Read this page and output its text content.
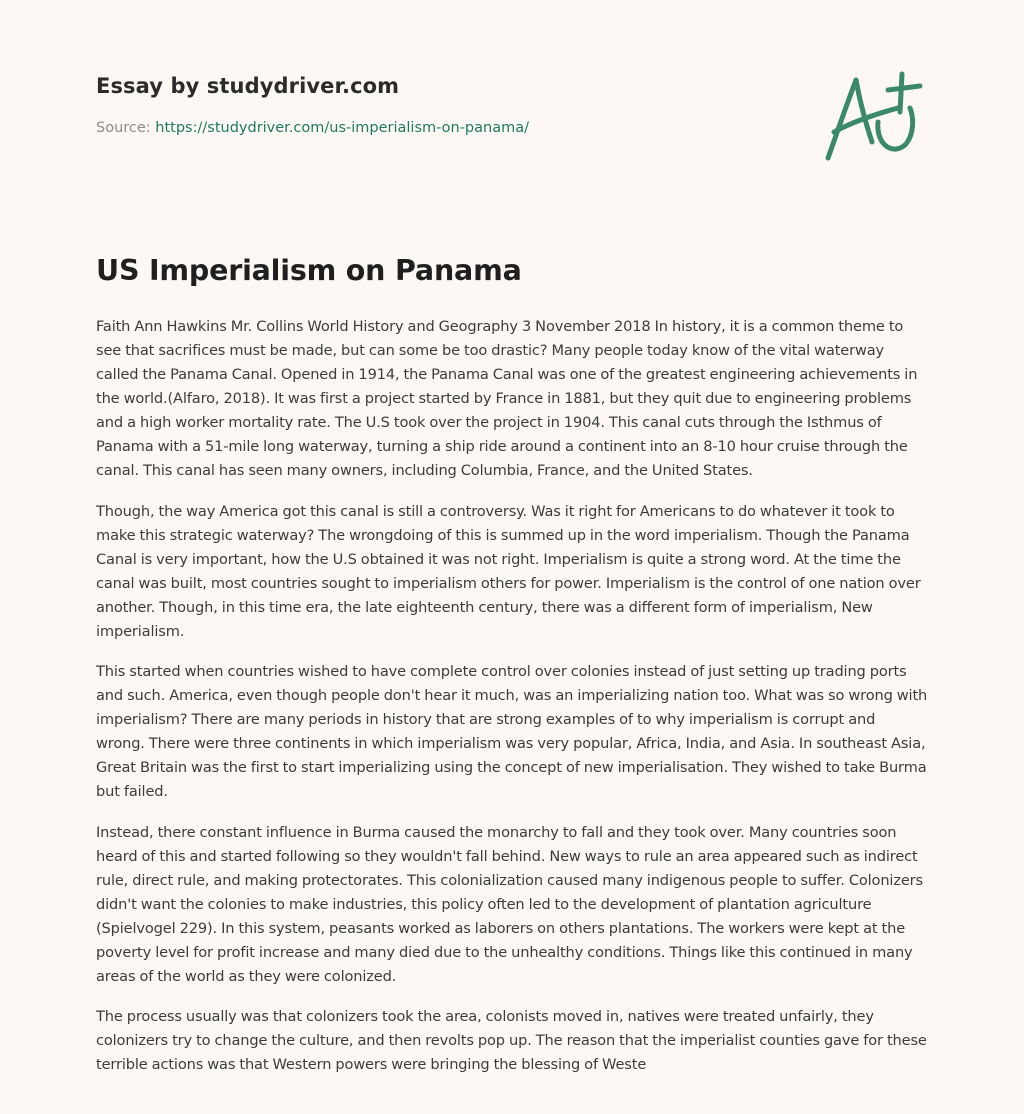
Essay by studydriver.com
Source: https://studydriver.com/us-imperialism-on-panama/
US Imperialism on Panama

Faith Ann Hawkins Mr. Collins World History and Geography 3 November 2018 In history, it is a common theme to see that sacrifices must be made, but can some be too drastic? Many people today know of the vital waterway called the Panama Canal. Opened in 1914, the Panama Canal was one of the greatest engineering achievements in the world.(Alfaro, 2018). It was first a project started by France in 1881, but they quit due to engineering problems and a high worker mortality rate. The U.S took over the project in 1904. This canal cuts through the Isthmus of Panama with a 51-mile long waterway, turning a ship ride around a continent into an 8-10 hour cruise through the canal. This canal has seen many owners, including Columbia, France, and the United States.

Though, the way America got this canal is still a controversy. Was it right for Americans to do whatever it took to make this strategic waterway? The wrongdoing of this is summed up in the word imperialism. Though the Panama Canal is very important, how the U.S obtained it was not right. Imperialism is quite a strong word. At the time the canal was built, most countries sought to imperialism others for power. Imperialism is the control of one nation over another. Though, in this time era, the late eighteenth century, there was a different form of imperialism, New imperialism.

This started when countries wished to have complete control over colonies instead of just setting up trading ports and such. America, even though people don't hear it much, was an imperializing nation too. What was so wrong with imperialism? There are many periods in history that are strong examples of to why imperialism is corrupt and wrong. There were three continents in which imperialism was very popular, Africa, India, and Asia. In southeast Asia, Great Britain was the first to start imperializing using the concept of new imperialisation. They wished to take Burma but failed.

Instead, there constant influence in Burma caused the monarchy to fall and they took over. Many countries soon heard of this and started following so they wouldn't fall behind. New ways to rule an area appeared such as indirect rule, direct rule, and making protectorates. This colonialization caused many indigenous people to suffer. Colonizers didn't want the colonies to make industries, this policy often led to the development of plantation agriculture (Spielvogel 229). In this system, peasants worked as laborers on others plantations. The workers were kept at the poverty level for profit increase and many died due to the unhealthy conditions. Things like this continued in many areas of the world as they were colonized.

The process usually was that colonizers took the area, colonists moved in, natives were treated unfairly, they colonizers try to change the culture, and then revolts pop up. The reason that the imperialist counties gave for these terrible actions was that Western powers were bringing the blessing of Weste
